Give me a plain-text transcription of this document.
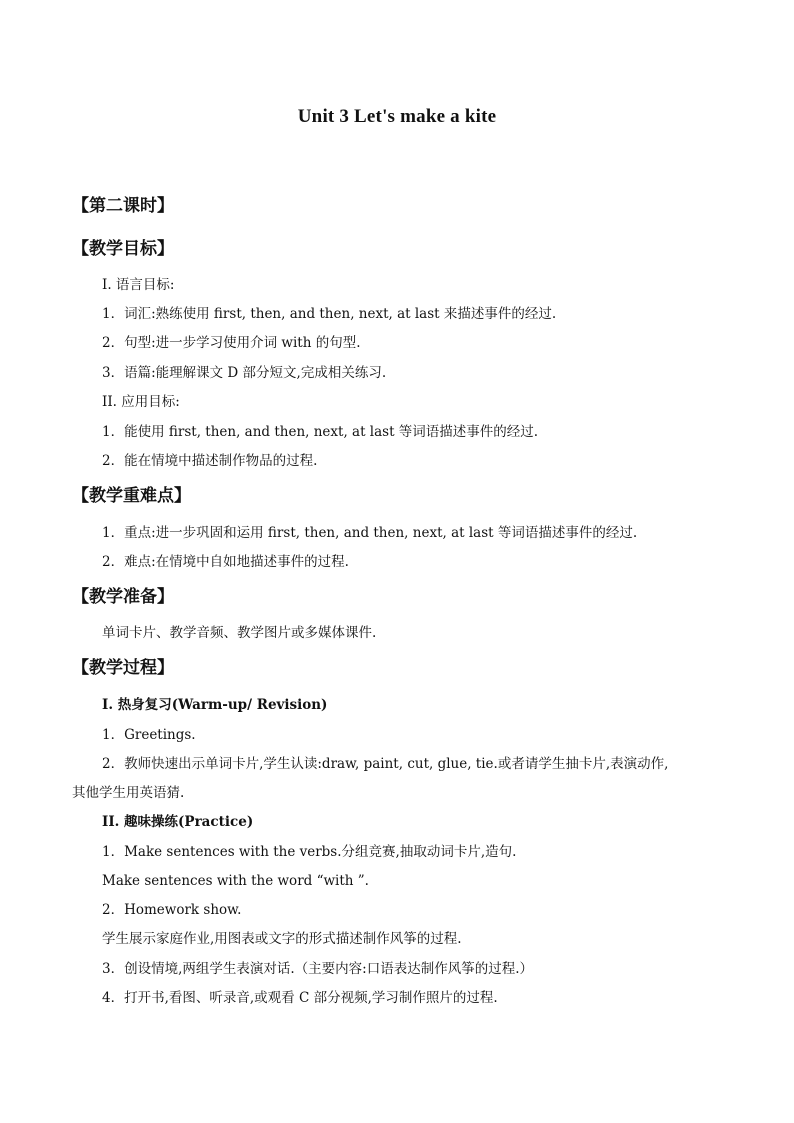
Unit 3 Let's make a kite
【第二课时】
【教学目标】
I. 语言目标:
1．词汇:熟练使用 first, then, and then, next, at last 来描述事件的经过.
2．句型:进一步学习使用介词 with 的句型.
3．语篇:能理解课文 D 部分短文,完成相关练习.
II. 应用目标:
1．能使用 first, then, and then, next, at last 等词语描述事件的经过.
2．能在情境中描述制作物品的过程.
【教学重难点】
1．重点:进一步巩固和运用 first, then, and then, next, at last 等词语描述事件的经过.
2．难点:在情境中自如地描述事件的过程.
【教学准备】
单词卡片、教学音频、教学图片或多媒体课件.
【教学过程】
I. 热身复习(Warm-up/ Revision)
1．Greetings.
2．教师快速出示单词卡片,学生认读:draw, paint, cut, glue, tie.或者请学生抽卡片,表演动作,
其他学生用英语猜.
II. 趣味操练(Practice)
1．Make sentences with the verbs.分组竞赛,抽取动词卡片,造句.
Make sentences with the word “with ”.
2．Homework show.
学生展示家庭作业,用图表或文字的形式描述制作风筝的过程.
3．创设情境,两组学生表演对话.（主要内容:口语表达制作风筝的过程.）
4．打开书,看图、听录音,或观看 C 部分视频,学习制作照片的过程.
